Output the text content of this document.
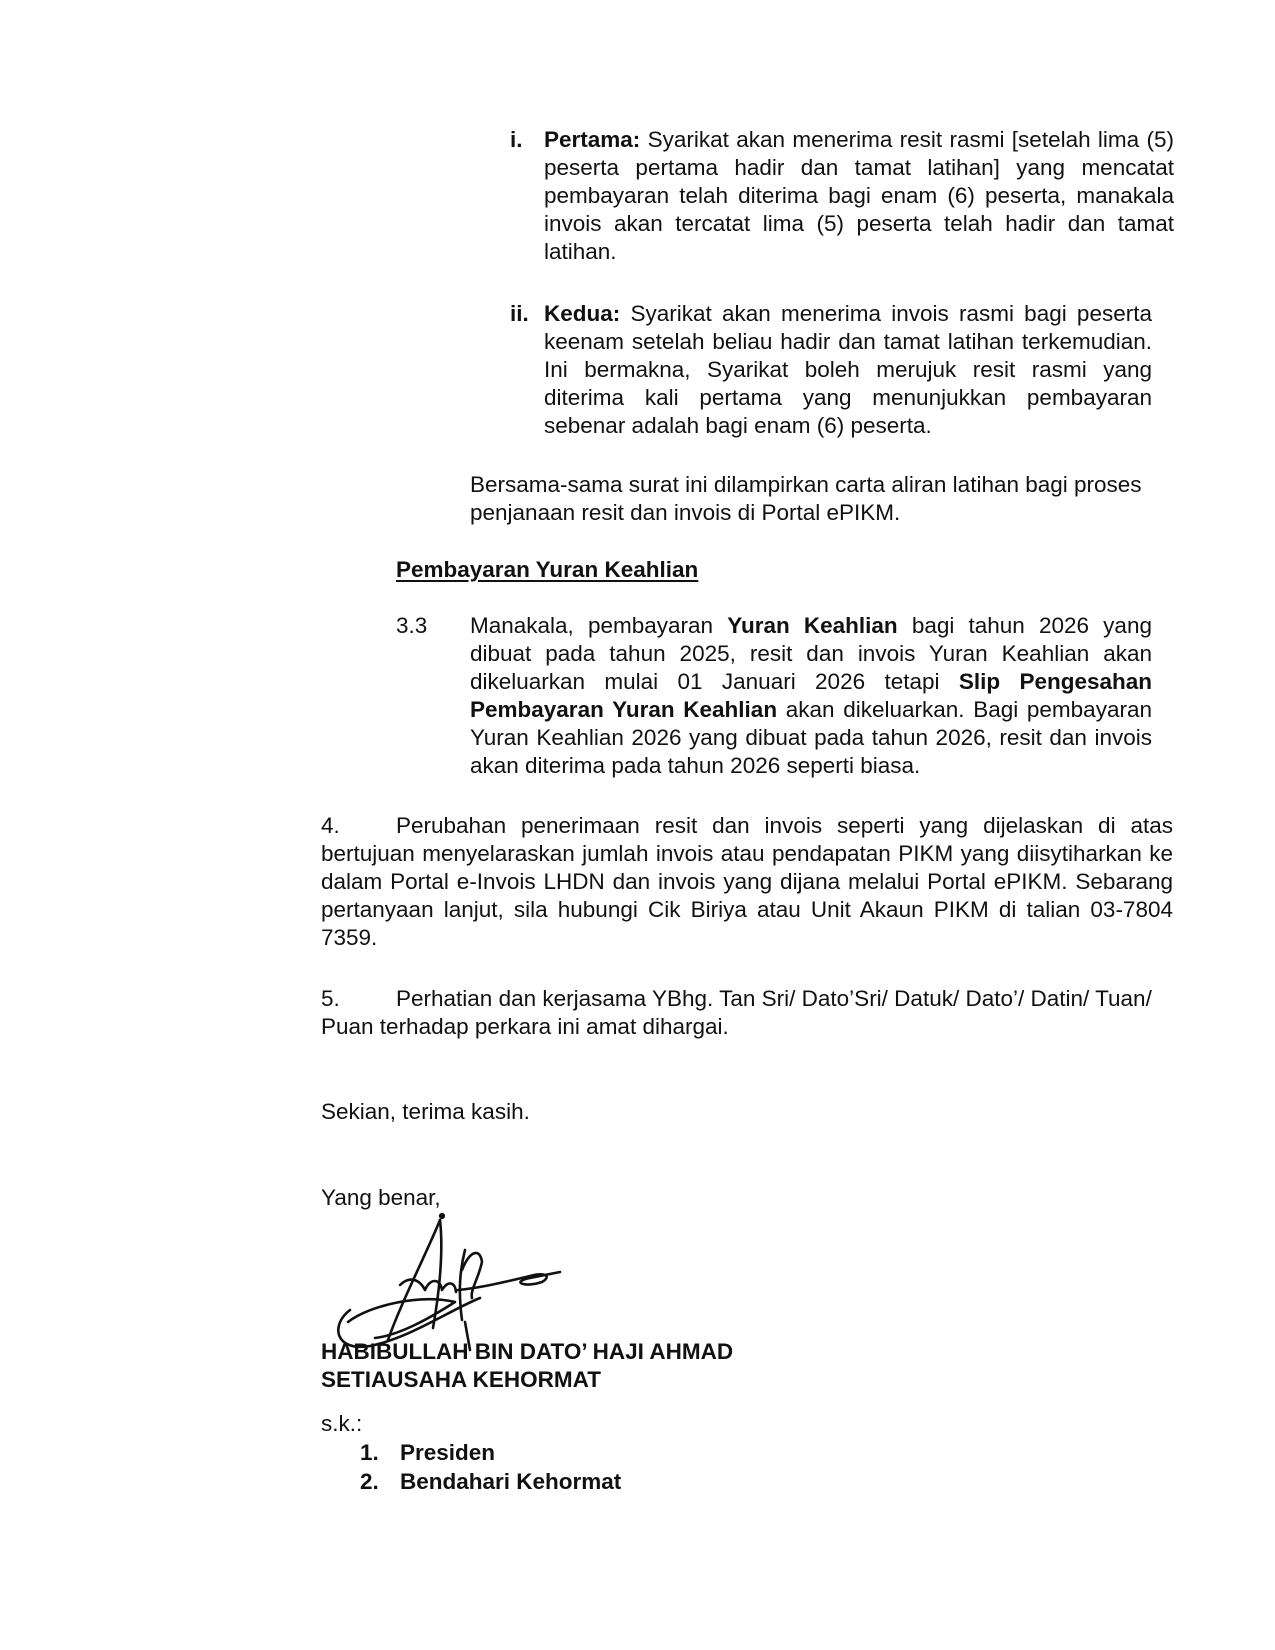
i. Pertama: Syarikat akan menerima resit rasmi [setelah lima (5) peserta pertama hadir dan tamat latihan] yang mencatat pembayaran telah diterima bagi enam (6) peserta, manakala invois akan tercatat lima (5) peserta telah hadir dan tamat latihan.
ii. Kedua: Syarikat akan menerima invois rasmi bagi peserta keenam setelah beliau hadir dan tamat latihan terkemudian. Ini bermakna, Syarikat boleh merujuk resit rasmi yang diterima kali pertama yang menunjukkan pembayaran sebenar adalah bagi enam (6) peserta.
Bersama-sama surat ini dilampirkan carta aliran latihan bagi proses penjanaan resit dan invois di Portal ePIKM.
Pembayaran Yuran Keahlian
3.3 Manakala, pembayaran Yuran Keahlian bagi tahun 2026 yang dibuat pada tahun 2025, resit dan invois Yuran Keahlian akan dikeluarkan mulai 01 Januari 2026 tetapi Slip Pengesahan Pembayaran Yuran Keahlian akan dikeluarkan. Bagi pembayaran Yuran Keahlian 2026 yang dibuat pada tahun 2026, resit dan invois akan diterima pada tahun 2026 seperti biasa.
4. Perubahan penerimaan resit dan invois seperti yang dijelaskan di atas bertujuan menyelaraskan jumlah invois atau pendapatan PIKM yang diisytiharkan ke dalam Portal e-Invois LHDN dan invois yang dijana melalui Portal ePIKM. Sebarang pertanyaan lanjut, sila hubungi Cik Biriya atau Unit Akaun PIKM di talian 03-7804 7359.
5. Perhatian dan kerjasama YBhg. Tan Sri/ Dato’Sri/ Datuk/ Dato’/ Datin/ Tuan/ Puan terhadap perkara ini amat dihargai.
Sekian, terima kasih.
Yang benar,
HABIBULLAH BIN DATO’ HAJI AHMAD
SETIAUSAHA KEHORMAT
s.k.:
1. Presiden
2. Bendahari Kehormat
